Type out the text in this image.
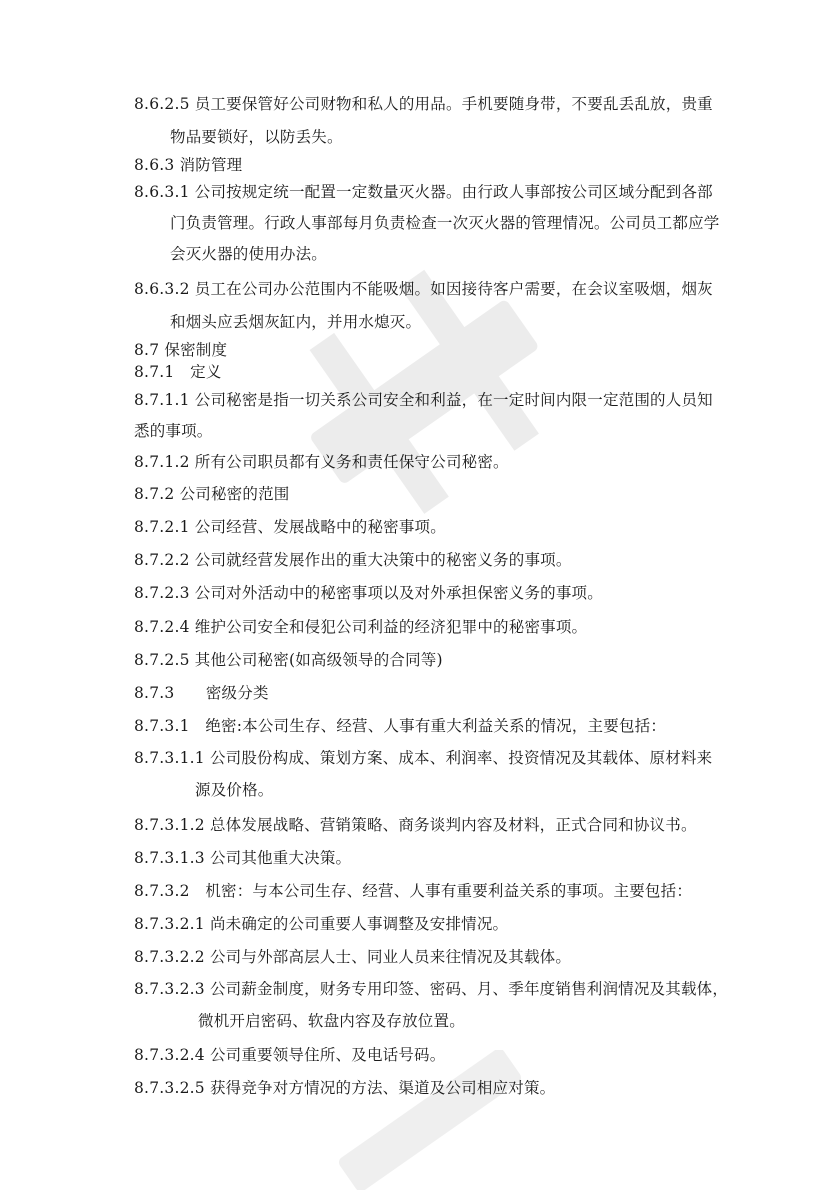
8.6.2.5 员工要保管好公司财物和私人的用品。手机要随身带，不要乱丢乱放，贵重
物品要锁好，以防丢失。
8.6.3 消防管理
8.6.3.1 公司按规定统一配置一定数量灭火器。由行政人事部按公司区域分配到各部
门负责管理。行政人事部每月负责检查一次灭火器的管理情况。公司员工都应学
会灭火器的使用办法。
8.6.3.2 员工在公司办公范围内不能吸烟。如因接待客户需要，在会议室吸烟，烟灰
和烟头应丢烟灰缸内，并用水熄灭。
8.7 保密制度
8.7.1　定义
8.7.1.1 公司秘密是指一切关系公司安全和利益，在一定时间内限一定范围的人员知
悉的事项。
8.7.1.2 所有公司职员都有义务和责任保守公司秘密。
8.7.2 公司秘密的范围
8.7.2.1 公司经营、发展战略中的秘密事项。
8.7.2.2 公司就经营发展作出的重大决策中的秘密义务的事项。
8.7.2.3 公司对外活动中的秘密事项以及对外承担保密义务的事项。
8.7.2.4 维护公司安全和侵犯公司利益的经济犯罪中的秘密事项。
8.7.2.5 其他公司秘密(如高级领导的合同等)
8.7.3　　密级分类
8.7.3.1　绝密:本公司生存、经营、人事有重大利益关系的情况，主要包括：
8.7.3.1.1 公司股份构成、策划方案、成本、利润率、投资情况及其载体、原材料来
源及价格。
8.7.3.1.2 总体发展战略、营销策略、商务谈判内容及材料，正式合同和协议书。
8.7.3.1.3 公司其他重大决策。
8.7.3.2　机密：与本公司生存、经营、人事有重要利益关系的事项。主要包括：
8.7.3.2.1 尚未确定的公司重要人事调整及安排情况。
8.7.3.2.2 公司与外部高层人士、同业人员来往情况及其载体。
8.7.3.2.3 公司薪金制度，财务专用印签、密码、月、季年度销售利润情况及其载体，
微机开启密码、软盘内容及存放位置。
8.7.3.2.4 公司重要领导住所、及电话号码。
8.7.3.2.5 获得竞争对方情况的方法、渠道及公司相应对策。
